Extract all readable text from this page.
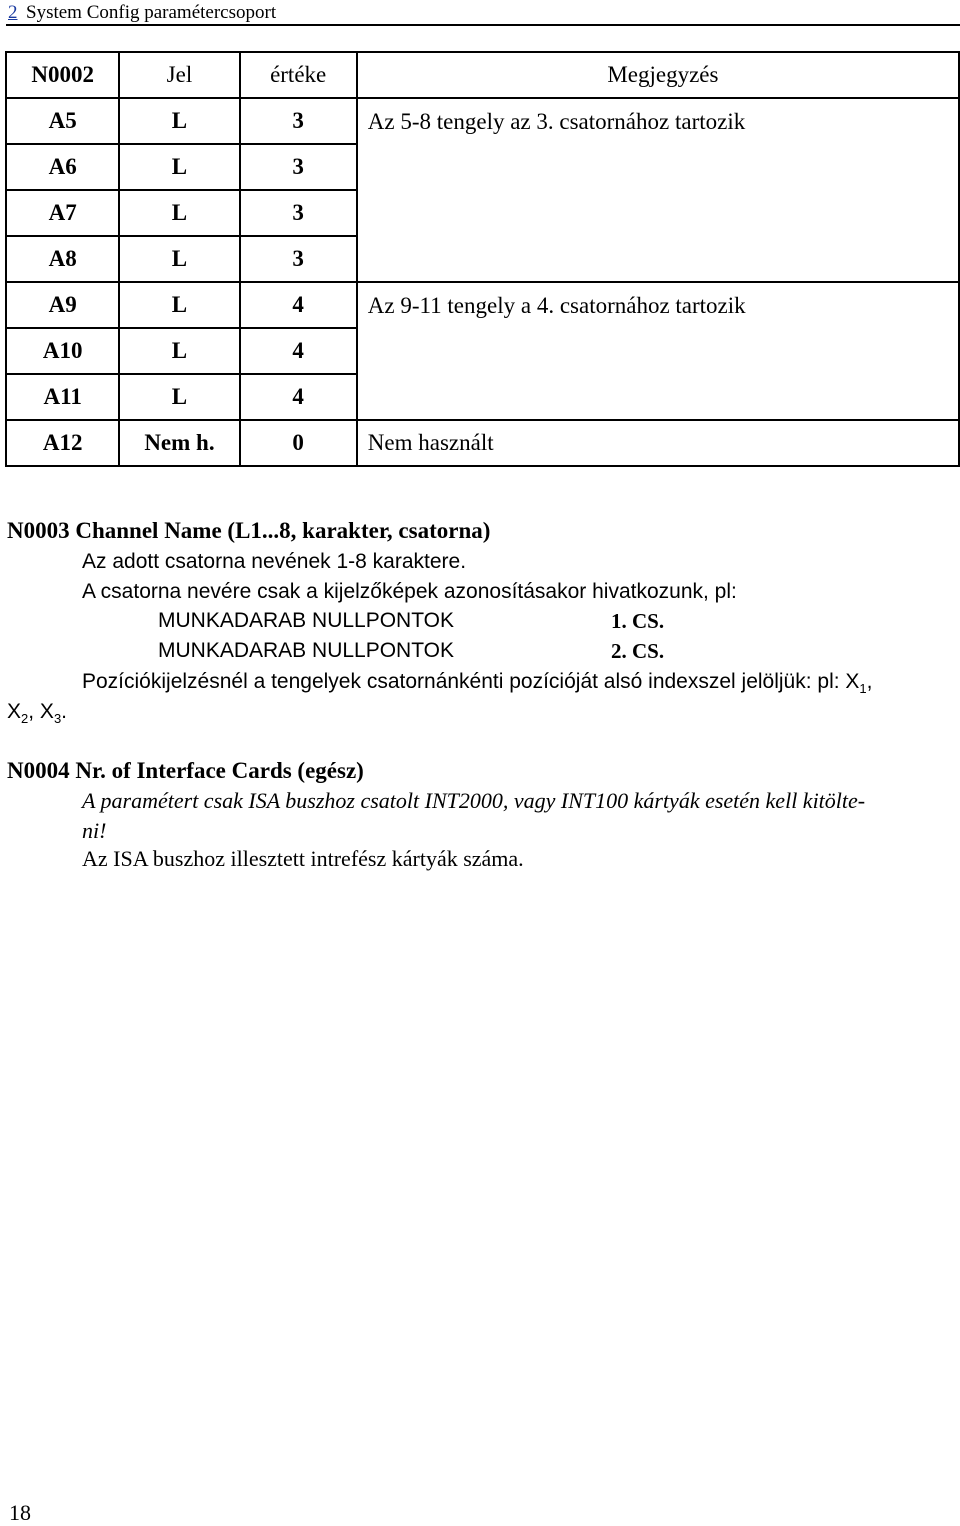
2 System Config paramétercsoport
N0002	Jel	értéke	Megjegyzés
A5	L	3	Az 5-8 tengely az 3. csatornához tartozik
A6	L	3	
A7	L	3	
A8	L	3	
A9	L	4	Az 9-11 tengely a 4. csatornához tartozik
A10	L	4	
A11	L	4	
A12	Nem h.	0	Nem használt
N0003 Channel Name (L1...8, karakter, csatorna)
Az adott csatorna nevének 1-8 karaktere.
A csatorna nevére csak a kijelzőképek azonosításakor hivatkozunk, pl:
MUNKADARAB NULLPONTOK	1. CS.
MUNKADARAB NULLPONTOK	2. CS.
Pozíciókijelzésnél a tengelyek csatornánkénti pozícióját alsó indexszel jelöljük: pl: $X_1$,
$X_2$, $X_3$.
N0004 Nr. of Interface Cards (egész)
A paramétert csak ISA buszhoz csatolt INT2000, vagy INT100 kártyák esetén kell kitölte-
ni!
Az ISA buszhoz illesztett intrefész kártyák száma.
18
